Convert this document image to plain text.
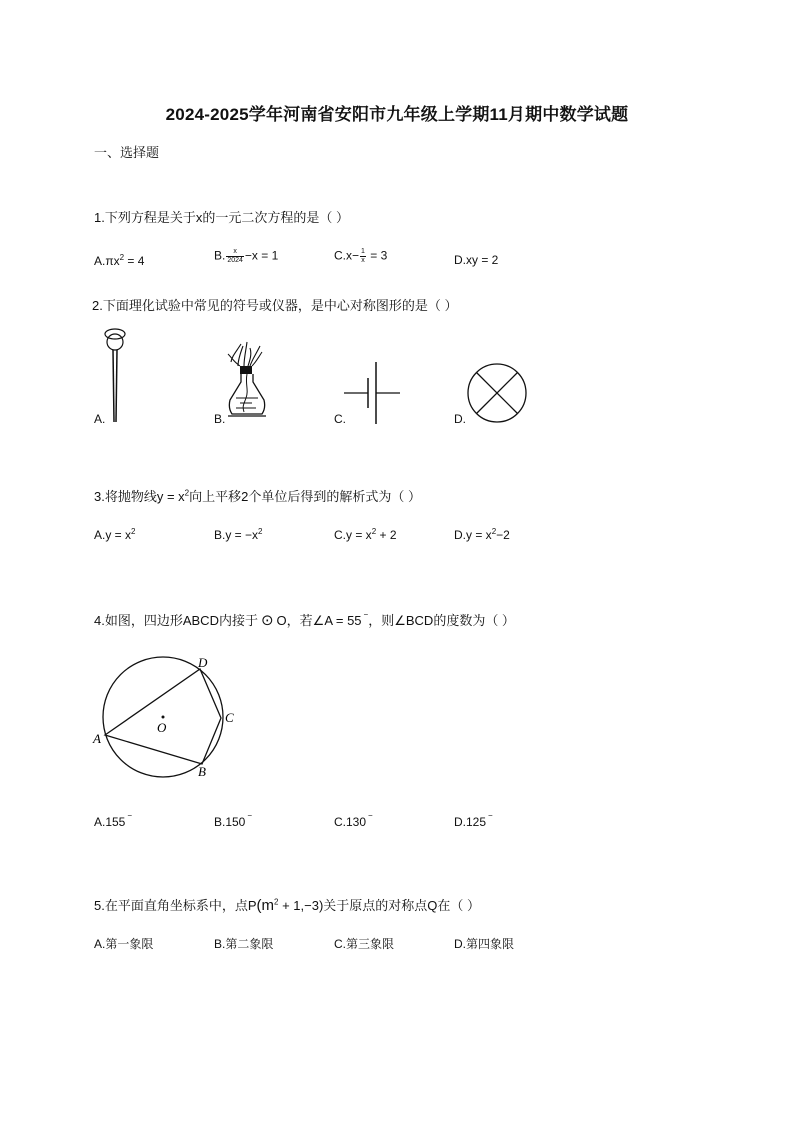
2024-2025学年河南省安阳市九年级上学期11月期中数学试题
一、选择题
1.下列方程是关于x的一元二次方程的是（ ）
$A.\pi x^2 = 4$	B. $\frac{x}{2024} -x = 1$	$C.x- \frac{1}{x} = 3$	D.xy = 2
2.下面理化试验中常见的符号或仪器，是中心对称图形的是（ ）
A.	B.	C.	D.
3.将抛物线$y = x^2$向上平移2个单位后得到的解析式为（ ）
$A.y = x^2$	$B.y = -x^2$	$C.y = x^2 + 2$	$D.y = x^2-2$
4.如图，四边形ABCD内接于 ⊙ O，若∠A = 55 −，则∠BCD的度数为（ ）
D
C
A
B
O
A.155 −	B.150 −	C.130 −	D.125 −
5.在平面直角坐标系中，点$P(m^2 + 1,-3)$关于原点的对称点Q在（ ）
A.第一象限	B.第二象限	C.第三象限	D.第四象限
